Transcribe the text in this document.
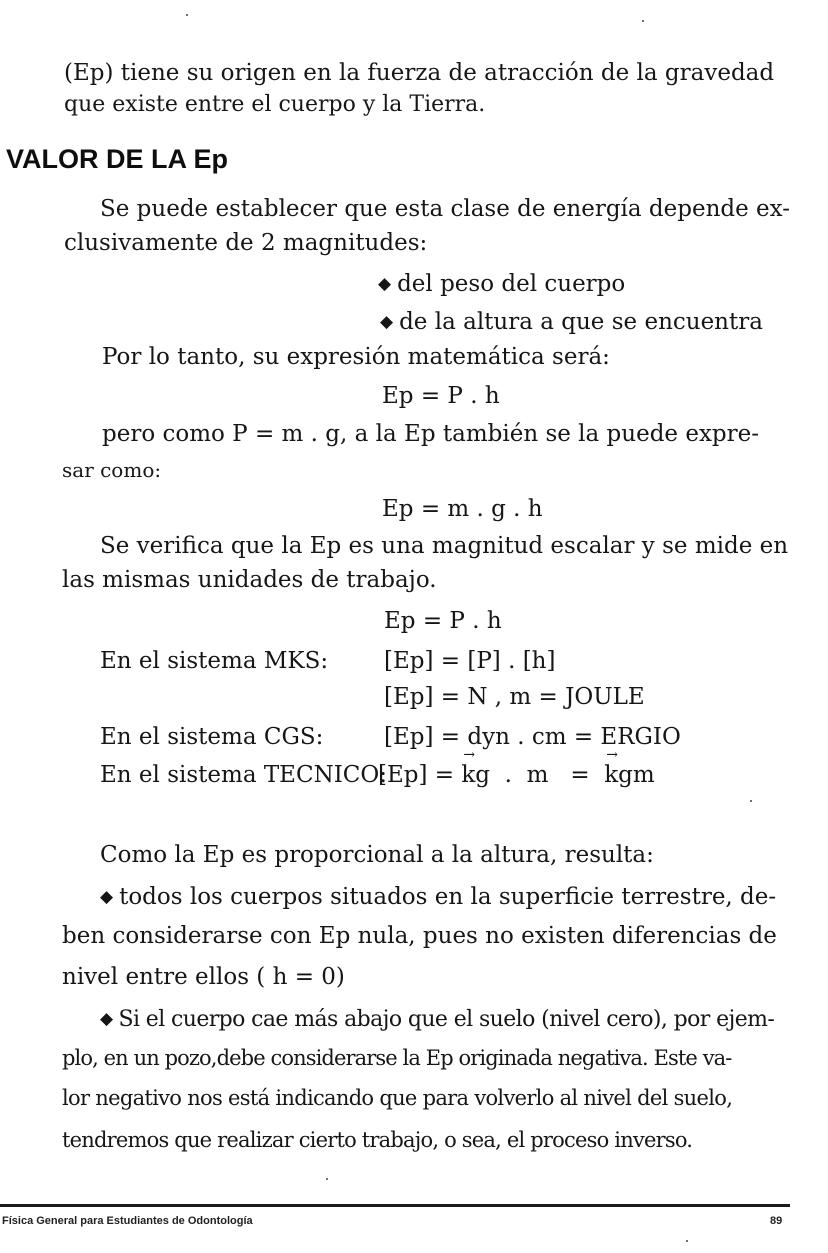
(Ep) tiene su origen en la fuerza de atracción de la gravedad
que existe entre el cuerpo y la Tierra.
VALOR DE LA Ep
Se puede establecer que esta clase de energía depende ex-
clusivamente de 2 magnitudes:
◆ del peso del cuerpo
◆ de la altura a que se encuentra
Por lo tanto, su expresión matemática será:
Ep = P . h
pero como P = m . g, a la Ep también se la puede expre-
sar como:
Ep = m . g . h
Se verifica que la Ep es una magnitud escalar y se mide en
las mismas unidades de trabajo.
Ep = P . h
En el sistema MKS: [Ep] = [P] . [h]
[Ep] = N , m = JOULE
En el sistema CGS:	[Ep] = dyn . cm = ERGIO
En el sistema TECNICO:
[Ep] =
→
kg  .  m   =
→
kgm
Como la Ep es proporcional a la altura, resulta:
◆ todos los cuerpos situados en la superficie terrestre, de-
ben considerarse con Ep nula, pues no existen diferencias de
nivel entre ellos ( h = 0)
◆ Si el cuerpo cae más abajo que el suelo (nivel cero), por ejem-
plo, en un pozo,debe considerarse la Ep originada negativa. Este va-
lor negativo nos está indicando que para volverlo al nivel del suelo,
tendremos que realizar cierto trabajo, o sea, el proceso inverso.
Física General para Estudiantes de Odontología	89
